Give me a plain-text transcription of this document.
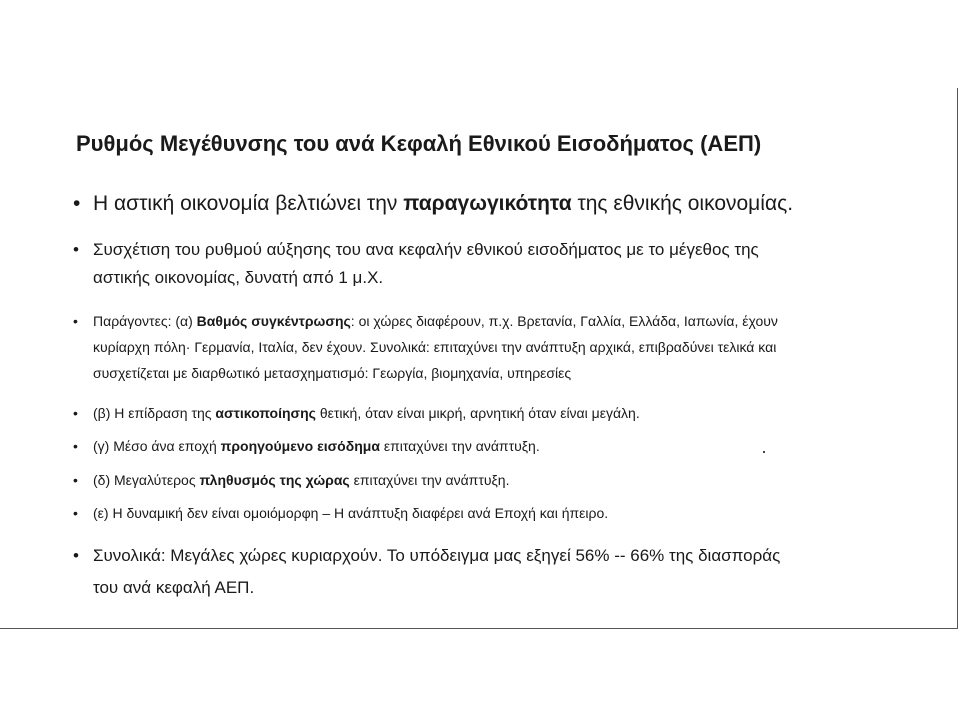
Ρυθμός Μεγέθυνσης του ανά Κεφαλή Εθνικού Εισοδήματος (ΑΕΠ)
• Η αστική οικονομία βελτιώνει την παραγωγικότητα της εθνικής οικονομίας.
• Συσχέτιση του ρυθμού αύξησης του ανα κεφαλήν εθνικού εισοδήματος με το μέγεθος της
αστικής οικονομίας, δυνατή από 1 μ.Χ.
• Παράγοντες: (α) Βαθμός συγκέντρωσης: οι χώρες διαφέρουν, π.χ. Βρετανία, Γαλλία, Ελλάδα, Ιαπωνία, έχουν
κυρίαρχη πόλη· Γερμανία, Ιταλία, δεν έχουν. Συνολικά: επιταχύνει την ανάπτυξη αρχικά, επιβραδύνει τελικά και
συσχετίζεται με διαρθωτικό μετασχηματισμό: Γεωργία, βιομηχανία, υπηρεσίες
• (β) Η επίδραση της αστικοποίησης θετική, όταν είναι μικρή, αρνητική όταν είναι μεγάλη.
• (γ) Μέσο άνα εποχή προηγούμενο εισόδημα επιταχύνει την ανάπτυξη.
• (δ) Μεγαλύτερος πληθυσμός της χώρας επιταχύνει την ανάπτυξη.
• (ε) Η δυναμική δεν είναι ομοιόμορφη – Η ανάπτυξη διαφέρει ανά Εποχή και ήπειρο.
• Συνολικά: Μεγάλες χώρες κυριαρχούν. Το υπόδειγμα μας εξηγεί 56% -- 66% της διασποράς
του ανά κεφαλή ΑΕΠ.
